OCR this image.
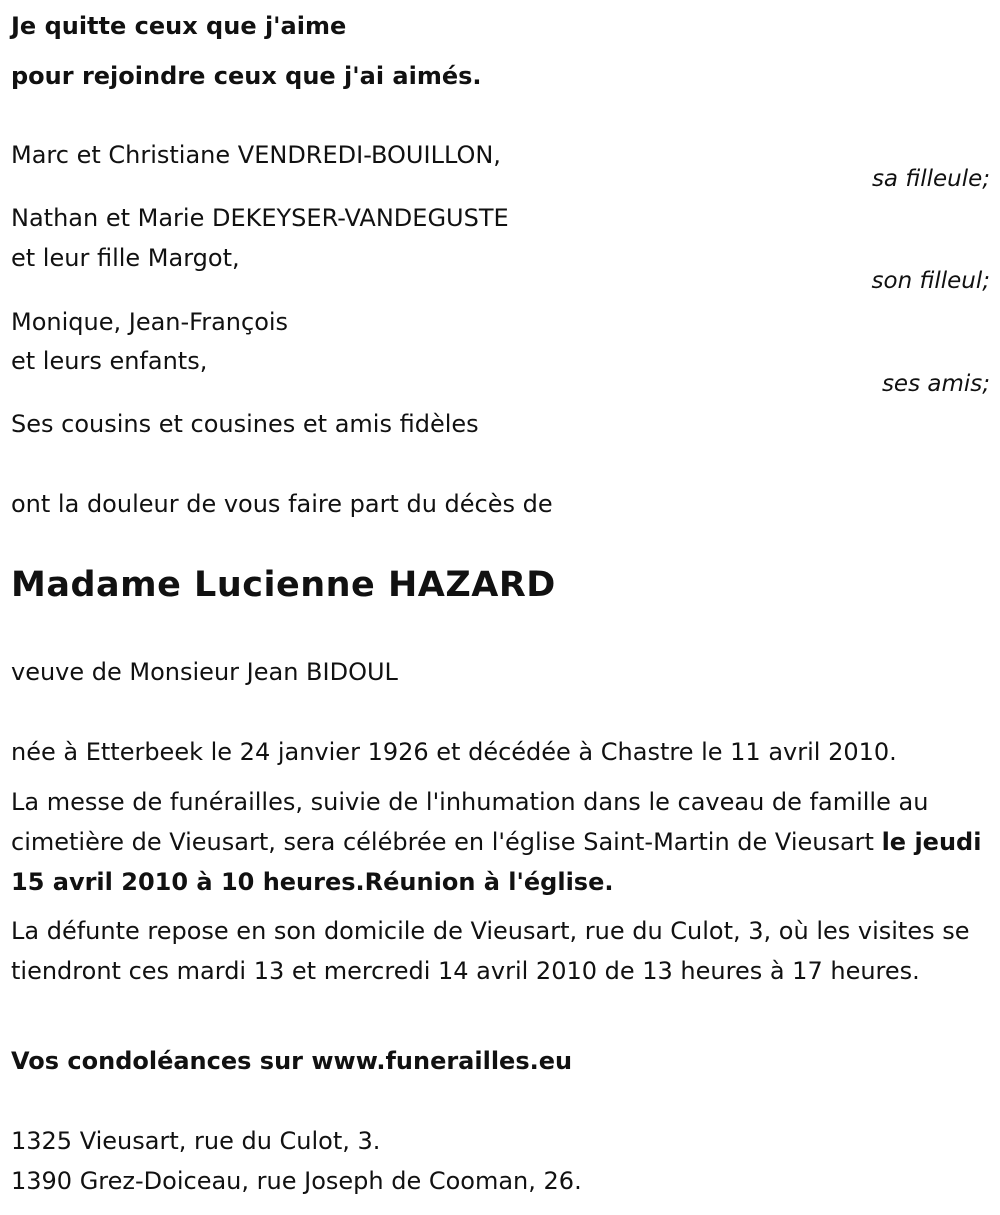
Je quitte ceux que j'aime
pour rejoindre ceux que j'ai aimés.
Marc et Christiane VENDREDI-BOUILLON,
sa filleule;
Nathan et Marie DEKEYSER-VANDEGUSTE
et leur fille Margot,
son filleul;
Monique, Jean-François
et leurs enfants,
ses amis;
Ses cousins et cousines et amis fidèles
ont la douleur de vous faire part du décès de
Madame Lucienne HAZARD
veuve de Monsieur Jean BIDOUL
née à Etterbeek le 24 janvier 1926 et décédée à Chastre le 11 avril 2010.
La messe de funérailles, suivie de l'inhumation dans le caveau de famille au cimetière de Vieusart, sera célébrée en l'église Saint-Martin de Vieusart le jeudi 15 avril 2010 à 10 heures.Réunion à l'église.
La défunte repose en son domicile de Vieusart, rue du Culot, 3, où les visites se tiendront ces mardi 13 et mercredi 14 avril 2010 de 13 heures à 17 heures.
Vos condoléances sur www.funerailles.eu
1325 Vieusart, rue du Culot, 3.
1390 Grez-Doiceau, rue Joseph de Cooman, 26.
